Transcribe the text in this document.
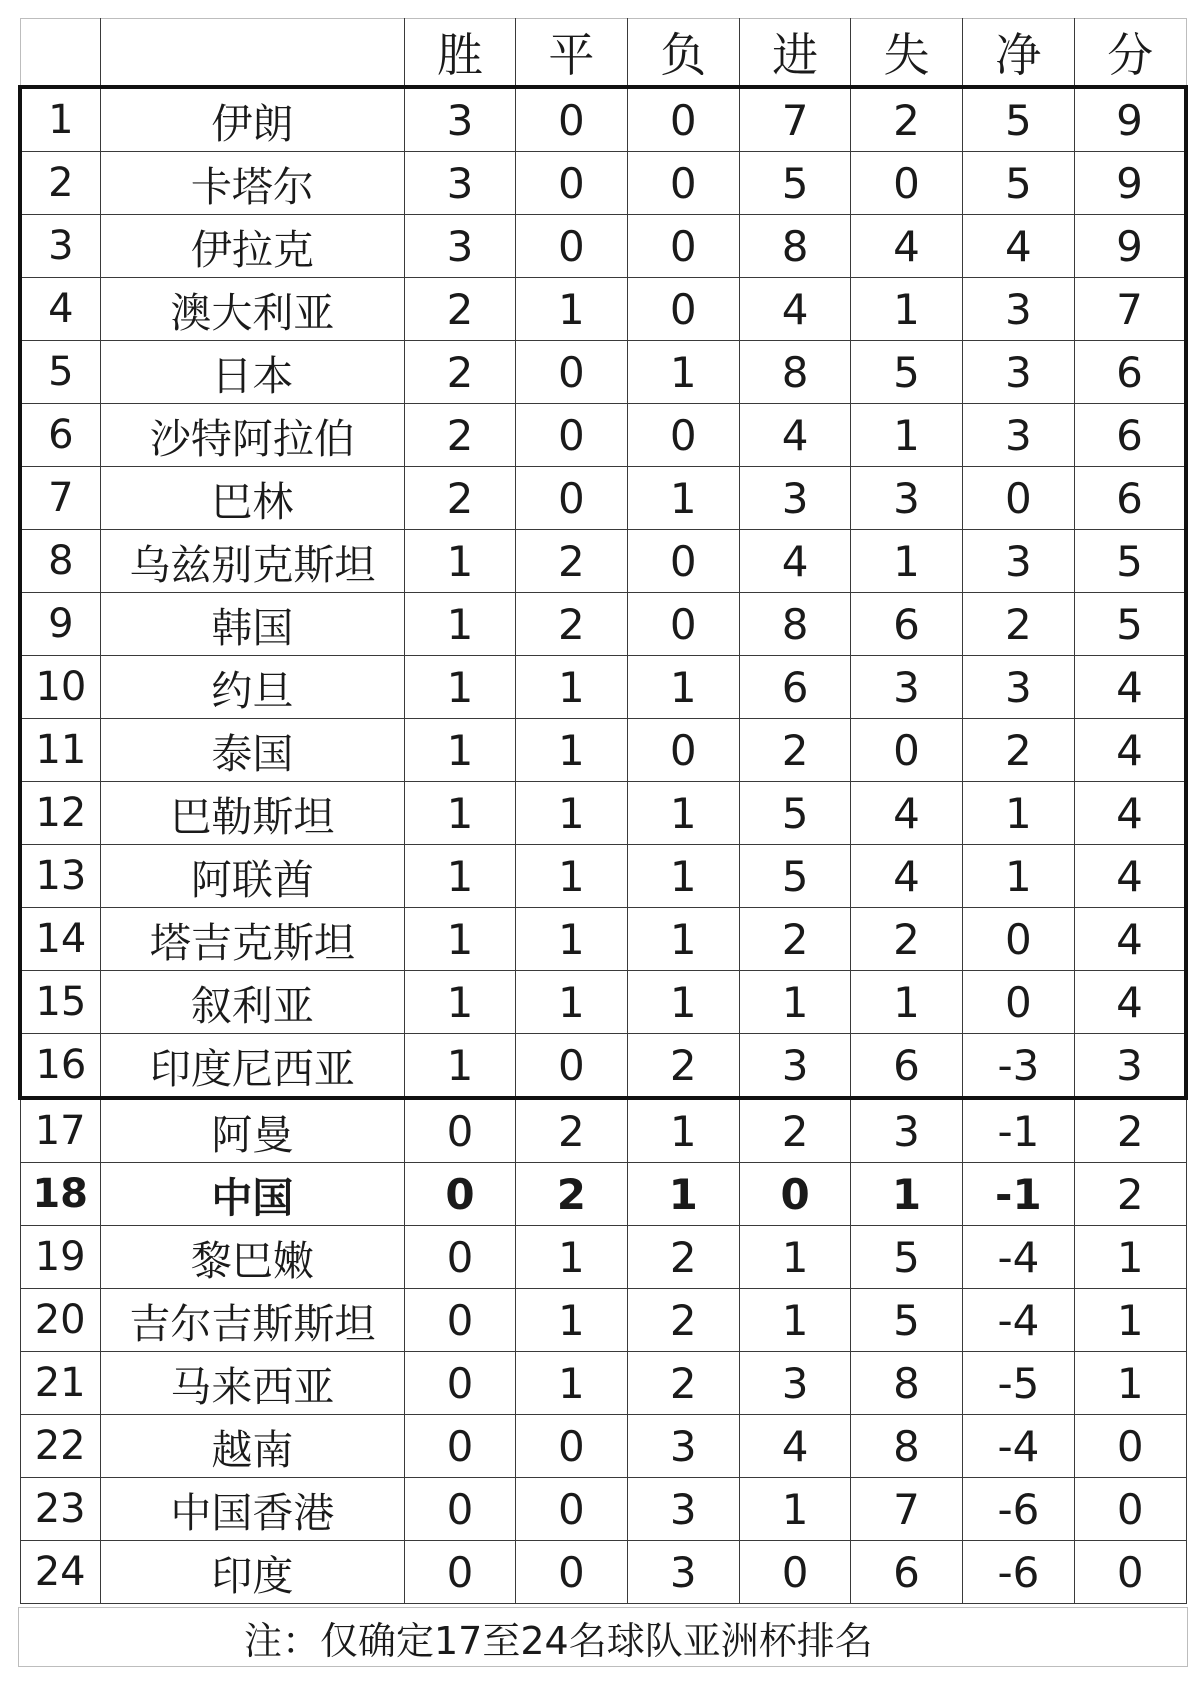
		胜	平	负	进	失	净	分
1	伊朗	3	0	0	7	2	5	9
2	卡塔尔	3	0	0	5	0	5	9
3	伊拉克	3	0	0	8	4	4	9
4	澳大利亚	2	1	0	4	1	3	7
5	日本	2	0	1	8	5	3	6
6	沙特阿拉伯	2	0	0	4	1	3	6
7	巴林	2	0	1	3	3	0	6
8	乌兹别克斯坦	1	2	0	4	1	3	5
9	韩国	1	2	0	8	6	2	5
10	约旦	1	1	1	6	3	3	4
11	泰国	1	1	0	2	0	2	4
12	巴勒斯坦	1	1	1	5	4	1	4
13	阿联酋	1	1	1	5	4	1	4
14	塔吉克斯坦	1	1	1	2	2	0	4
15	叙利亚	1	1	1	1	1	0	4
16	印度尼西亚	1	0	2	3	6	-3	3
17	阿曼	0	2	1	2	3	-1	2
18	中国	0	2	1	0	1	-1	2
19	黎巴嫩	0	1	2	1	5	-4	1
20	吉尔吉斯斯坦	0	1	2	1	5	-4	1
21	马来西亚	0	1	2	3	8	-5	1
22	越南	0	0	3	4	8	-4	0
23	中国香港	0	0	3	1	7	-6	0
24	印度	0	0	3	0	6	-6	0
注：仅确定17至24名球队亚洲杯排名
